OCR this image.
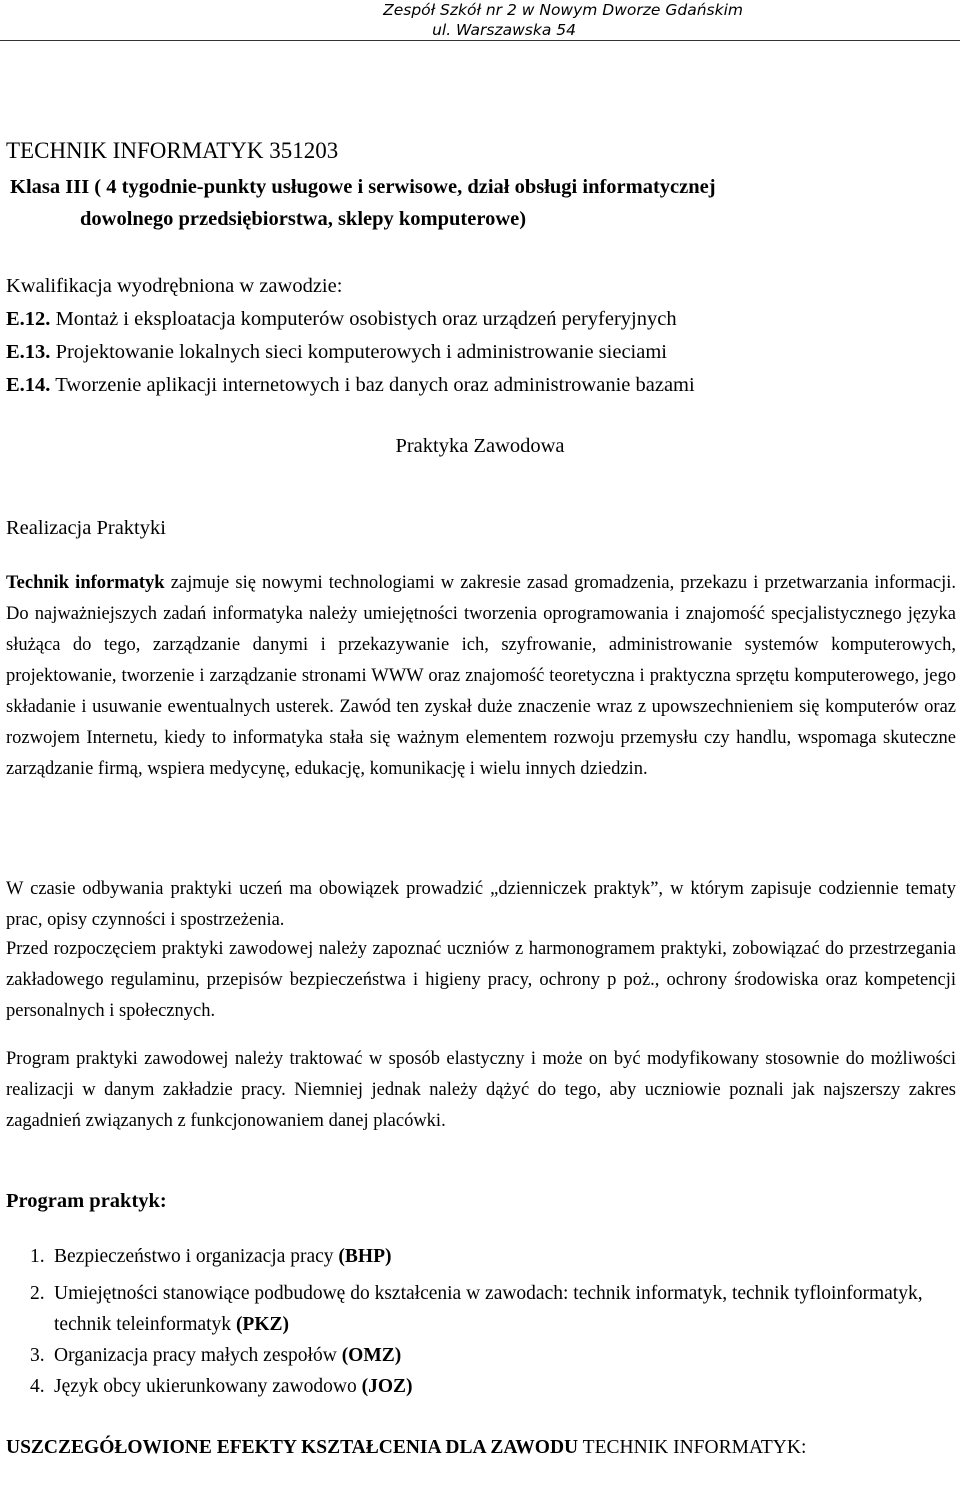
Zespół Szkół nr 2 w Nowym Dworze Gdańskim
ul. Warszawska 54
TECHNIK INFORMATYK 351203
Klasa III ( 4 tygodnie-punkty usługowe i serwisowe, dział obsługi informatycznej
dowolnego przedsiębiorstwa, sklepy komputerowe)
Kwalifikacja wyodrębniona w zawodzie:
E.12. Montaż i eksploatacja komputerów osobistych oraz urządzeń peryferyjnych
E.13. Projektowanie lokalnych sieci komputerowych i administrowanie sieciami
E.14. Tworzenie aplikacji internetowych i baz danych oraz administrowanie bazami
Praktyka Zawodowa
Realizacja Praktyki
Technik informatyk zajmuje się nowymi technologiami w zakresie zasad gromadzenia, przekazu i przetwarzania informacji. Do najważniejszych zadań informatyka należy umiejętności tworzenia oprogramowania i znajomość specjalistycznego języka służąca do tego, zarządzanie danymi i przekazywanie ich, szyfrowanie, administrowanie systemów komputerowych, projektowanie, tworzenie i zarządzanie stronami WWW oraz znajomość teoretyczna i praktyczna sprzętu komputerowego, jego składanie i usuwanie ewentualnych usterek. Zawód ten zyskał duże znaczenie wraz z upowszechnieniem się komputerów oraz rozwojem Internetu, kiedy to informatyka stała się ważnym elementem rozwoju przemysłu czy handlu, wspomaga skuteczne zarządzanie firmą, wspiera medycynę, edukację, komunikację i wielu innych dziedzin.
W czasie odbywania praktyki uczeń ma obowiązek prowadzić „dzienniczek praktyk”, w którym zapisuje codziennie tematy prac, opisy czynności i spostrzeżenia.
Przed rozpoczęciem praktyki zawodowej należy zapoznać uczniów z harmonogramem praktyki, zobowiązać do przestrzegania zakładowego regulaminu, przepisów bezpieczeństwa i higieny pracy, ochrony p poż., ochrony środowiska oraz kompetencji personalnych i społecznych.
Program praktyki zawodowej należy traktować w sposób elastyczny i może on być modyfikowany stosownie do możliwości realizacji w danym zakładzie pracy. Niemniej jednak należy dążyć do tego, aby uczniowie poznali jak najszerszy zakres zagadnień związanych z funkcjonowaniem danej placówki.
Program praktyk:
1. Bezpieczeństwo i organizacja pracy (BHP)
2. Umiejętności stanowiące podbudowę do kształcenia w zawodach: technik informatyk, technik tyfloinformatyk, technik teleinformatyk (PKZ)
3. Organizacja pracy małych zespołów (OMZ)
4. Język obcy ukierunkowany zawodowo (JOZ)
USZCZEGÓŁOWIONE EFEKTY KSZTAŁCENIA DLA ZAWODU TECHNIK INFORMATYK:
